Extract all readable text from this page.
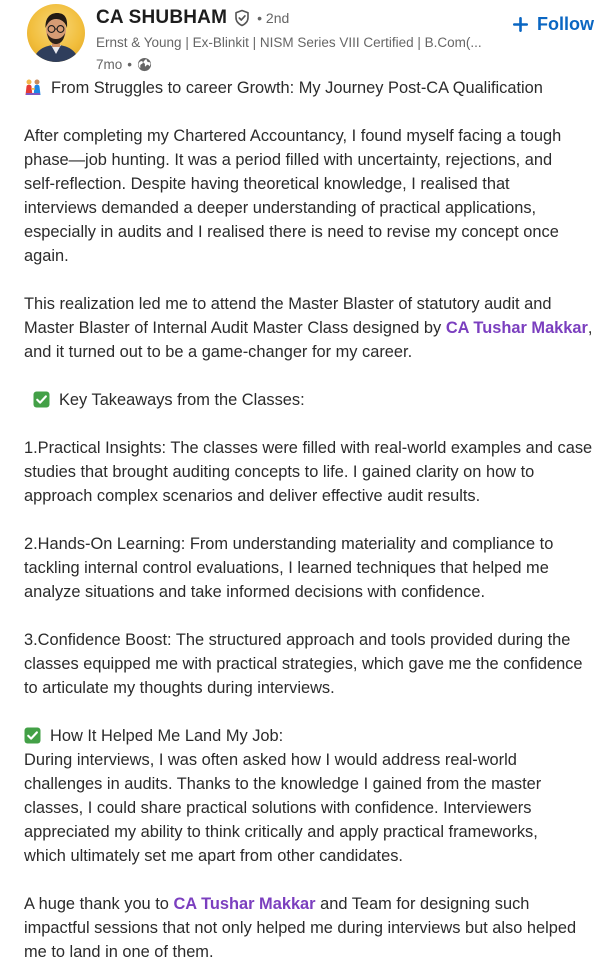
CA SHUBHAM • 2nd
Ernst & Young | Ex-Blinkit | NISM Series VIII Certified | B.Com(...
7mo •
Follow
From Struggles to career Growth: My Journey Post-CA Qualification
After completing my Chartered Accountancy, I found myself facing a tough
phase—job hunting. It was a period filled with uncertainty, rejections, and
self-reflection. Despite having theoretical knowledge, I realised that
interviews demanded a deeper understanding of practical applications,
especially in audits and I realised there is need to revise my concept once
again.
This realization led me to attend the Master Blaster of statutory audit and
Master Blaster of Internal Audit Master Class designed by CA Tushar Makkar,
and it turned out to be a game-changer for my career.
Key Takeaways from the Classes:
1.Practical Insights: The classes were filled with real-world examples and case
studies that brought auditing concepts to life. I gained clarity on how to
approach complex scenarios and deliver effective audit results.
2.Hands-On Learning: From understanding materiality and compliance to
tackling internal control evaluations, I learned techniques that helped me
analyze situations and take informed decisions with confidence.
3.Confidence Boost: The structured approach and tools provided during the
classes equipped me with practical strategies, which gave me the confidence
to articulate my thoughts during interviews.
How It Helped Me Land My Job:
During interviews, I was often asked how I would address real-world
challenges in audits. Thanks to the knowledge I gained from the master
classes, I could share practical solutions with confidence. Interviewers
appreciated my ability to think critically and apply practical frameworks,
which ultimately set me apart from other candidates.
A huge thank you to CA Tushar Makkar and Team for designing such
impactful sessions that not only helped me during interviews but also helped
me to land in one of them.
